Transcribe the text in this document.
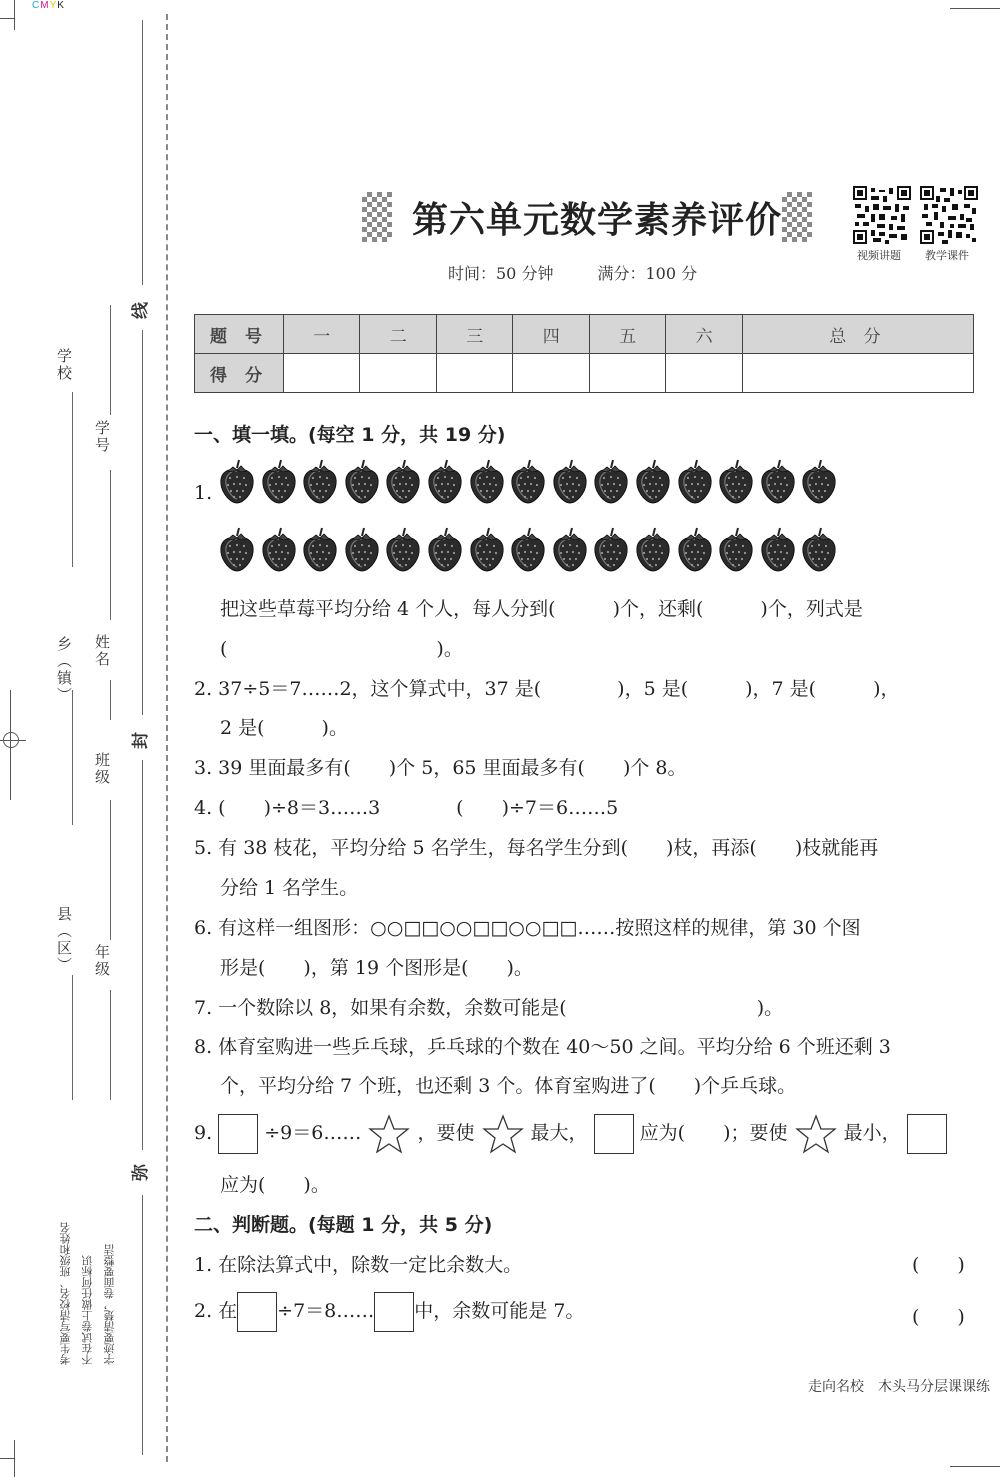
CMYK
线
封
弥
学校
学号
乡（镇） 姓名
班级
县（区） 年级
考生要写清校名、班级和姓名 不在试卷上做任何标识 字迹要清楚，卷面要整洁
第六单元数学素养评价
时间：50 分钟	满分：100 分
视频讲题 教学课件
题 号	一	二	三	四	五	六	总 分
得 分							
一、填一填。(每空 1 分，共 19 分)
1.
把这些草莓平均分给 4 个人，每人分到(　　　)个，还剩(　　　)个，列式是
(　　　　　　　　　　　)。
2. 37÷5＝7……2，这个算式中，37 是(　　　　)，5 是(　　　)，7 是(　　　)，
2 是(　　　)。
3. 39 里面最多有(　　)个 5，65 里面最多有(　　)个 8。
4. (　　)÷8＝3……3　　　　(　　)÷7＝6……5
5. 有 38 枝花，平均分给 5 名学生，每名学生分到(　　)枝，再添(　　)枝就能再
分给 1 名学生。
6. 有这样一组图形：○○□□○○□□○○□□……按照这样的规律，第 30 个图
形是(　　)，第 19 个图形是(　　)。
7. 一个数除以 8，如果有余数，余数可能是(　　　　　　　　　　)。
8. 体育室购进一些乒乓球，乒乓球的个数在 40～50 之间。平均分给 6 个班还剩 3
个，平均分给 7 个班，也还剩 3 个。体育室购进了(　　)个乒乓球。
9.	÷9＝6……	，要使	最大，	应为(　　)；要使	最小，
应为(　　)。
二、判断题。(每题 1 分，共 5 分)
1. 在除法算式中，除数一定比余数大。	(　　)
2. 在 ÷7＝8…… 中，余数可能是 7。	(　　)
走向名校　木头马分层课课练
